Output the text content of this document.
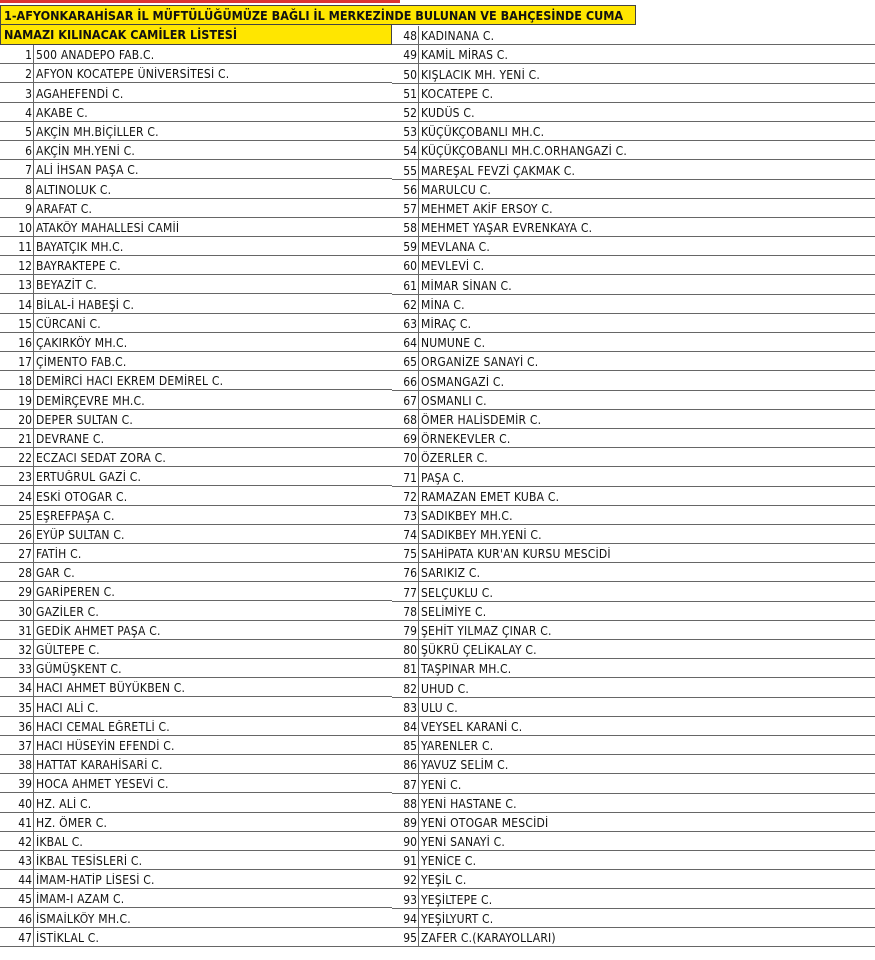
1-AFYONKARAHİSAR İL MÜFTÜLÜĞÜMÜZE BAĞLI İL MERKEZİNDE BULUNAN VE BAHÇESİNDE CUMA
NAMAZI KILINACAK CAMİLER LİSTESİ
1 500 ANADEPO FAB.C.
2 AFYON KOCATEPE ÜNİVERSİTESİ C.
3 AGAHEFENDİ C.
4 AKABE C.
5 AKÇİN MH.BİÇİLLER C.
6 AKÇİN MH.YENİ C.
7 ALİ İHSAN PAŞA C.
8 ALTINOLUK C.
9 ARAFAT C.
10 ATAKÖY MAHALLESİ CAMİİ
11 BAYATÇIK MH.C.
12 BAYRAKTEPE C.
13 BEYAZİT C.
14 BİLAL-İ HABEŞİ C.
15 CÜRCANİ C.
16 ÇAKIRKÖY MH.C.
17 ÇİMENTO FAB.C.
18 DEMİRCİ HACI EKREM DEMİREL C.
19 DEMİRÇEVRE MH.C.
20 DEPER SULTAN C.
21 DEVRANE C.
22 ECZACI SEDAT ZORA C.
23 ERTUĞRUL GAZİ C.
24 ESKİ OTOGAR C.
25 EŞREFPAŞA C.
26 EYÜP SULTAN C.
27 FATİH C.
28 GAR C.
29 GARİPEREN C.
30 GAZİLER C.
31 GEDİK AHMET PAŞA C.
32 GÜLTEPE C.
33 GÜMÜŞKENT C.
34 HACI AHMET BÜYÜKBEN C.
35 HACI ALİ C.
36 HACI CEMAL EĞRETLİ C.
37 HACI HÜSEYİN EFENDİ C.
38 HATTAT KARAHİSARİ C.
39 HOCA AHMET YESEVİ C.
40 HZ. ALİ C.
41 HZ. ÖMER C.
42 İKBAL C.
43 İKBAL TESİSLERİ C.
44 İMAM-HATİP LİSESİ C.
45 İMAM-I AZAM C.
46 İSMAİLKÖY MH.C.
47 İSTİKLAL C.
48 KADINANA C.
49 KAMİL MİRAS C.
50 KIŞLACIK MH. YENİ C.
51 KOCATEPE C.
52 KUDÜS C.
53 KÜÇÜKÇOBANLI MH.C.
54 KÜÇÜKÇOBANLI MH.C.ORHANGAZİ C.
55 MAREŞAL FEVZİ ÇAKMAK C.
56 MARULCU C.
57 MEHMET AKİF ERSOY C.
58 MEHMET YAŞAR EVRENKAYA C.
59 MEVLANA C.
60 MEVLEVİ C.
61 MİMAR SİNAN C.
62 MİNA C.
63 MİRAÇ C.
64 NUMUNE C.
65 ORGANİZE SANAYİ C.
66 OSMANGAZİ C.
67 OSMANLI C.
68 ÖMER HALİSDEMİR C.
69 ÖRNEKEVLER C.
70 ÖZERLER C.
71 PAŞA C.
72 RAMAZAN EMET KUBA C.
73 SADIKBEY MH.C.
74 SADIKBEY MH.YENİ C.
75 SAHİPATA KUR'AN KURSU MESCİDİ
76 SARIKIZ C.
77 SELÇUKLU C.
78 SELİMİYE C.
79 ŞEHİT YILMAZ ÇINAR C.
80 ŞÜKRÜ ÇELİKALAY C.
81 TAŞPINAR MH.C.
82 UHUD C.
83 ULU C.
84 VEYSEL KARANİ C.
85 YARENLER C.
86 YAVUZ SELİM C.
87 YENİ C.
88 YENİ HASTANE C.
89 YENİ OTOGAR MESCİDİ
90 YENİ SANAYİ C.
91 YENİCE C.
92 YEŞİL C.
93 YEŞİLTEPE C.
94 YEŞİLYURT C.
95 ZAFER C.(KARAYOLLARI)
